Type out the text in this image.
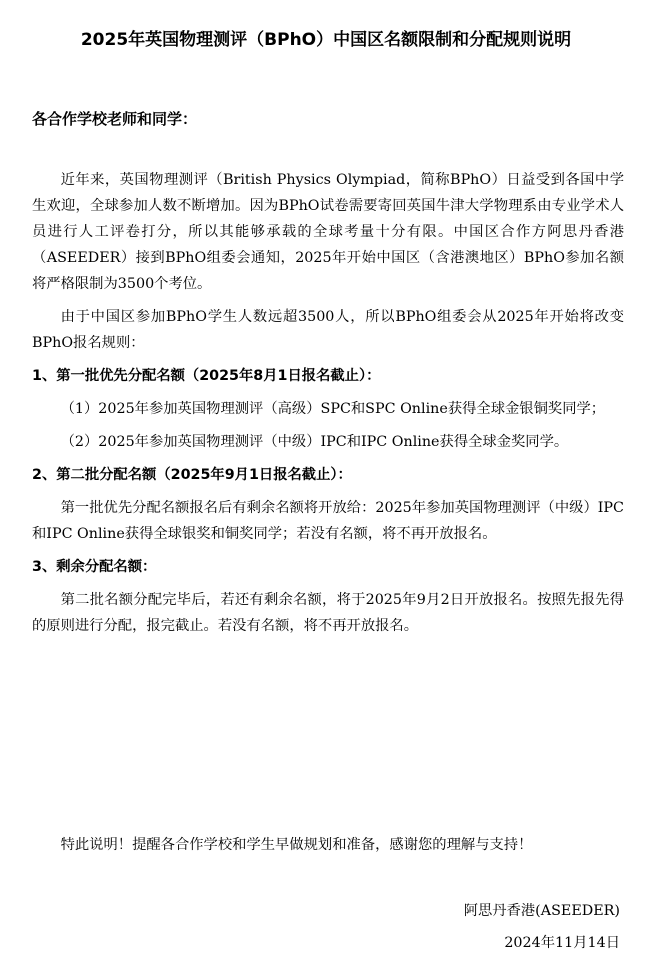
2025年英国物理测评（BPhO）中国区名额限制和分配规则说明
各合作学校老师和同学：

近年来，英国物理测评（British Physics Olympiad，简称BPhO）日益受到各国中学生欢迎，全球参加人数不断增加。因为BPhO试卷需要寄回英国牛津大学物理系由专业学术人员进行人工评卷打分，所以其能够承载的全球考量十分有限。中国区合作方阿思丹香港（ASEEDER）接到BPhO组委会通知，2025年开始中国区（含港澳地区）BPhO参加名额将严格限制为3500个考位。

由于中国区参加BPhO学生人数远超3500人，所以BPhO组委会从2025年开始将改变BPhO报名规则：

1、第一批优先分配名额（2025年8月1日报名截止）：

（1）2025年参加英国物理测评（高级）SPC和SPC Online获得全球金银铜奖同学；

（2）2025年参加英国物理测评（中级）IPC和IPC Online获得全球金奖同学。

2、第二批分配名额（2025年9月1日报名截止）：

第一批优先分配名额报名后有剩余名额将开放给：2025年参加英国物理测评（中级）IPC和IPC Online获得全球银奖和铜奖同学；若没有名额，将不再开放报名。

3、剩余分配名额：

第二批名额分配完毕后，若还有剩余名额，将于2025年9月2日开放报名。按照先报先得的原则进行分配，报完截止。若没有名额，将不再开放报名。

特此说明！提醒各合作学校和学生早做规划和准备，感谢您的理解与支持！
阿思丹香港(ASEEDER)
2024年11月14日
